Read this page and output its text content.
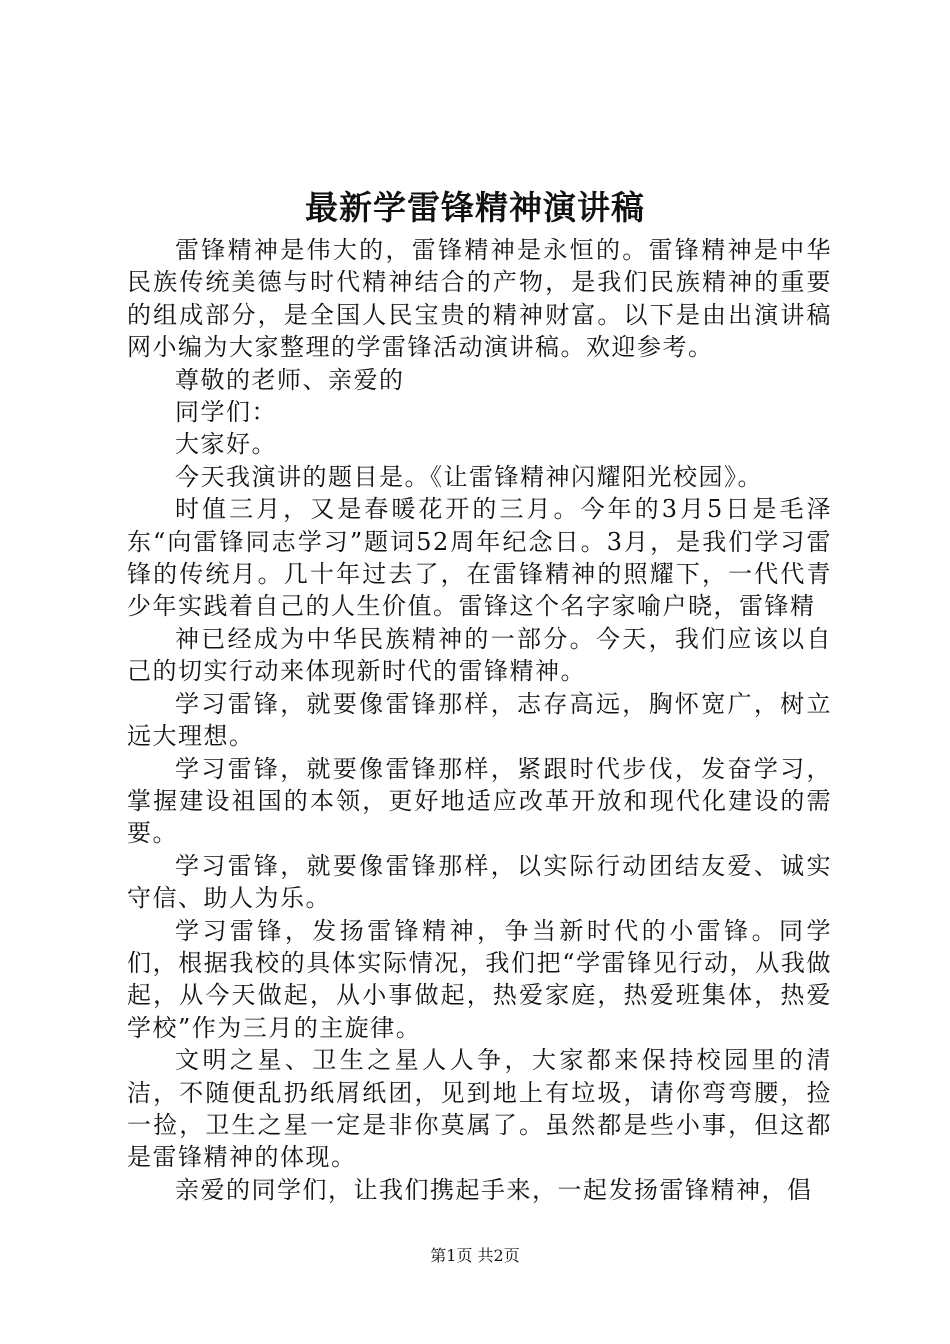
最新学雷锋精神演讲稿

雷锋精神是伟大的，雷锋精神是永恒的。雷锋精神是中华民族传统美德与时代精神结合的产物，是我们民族精神的重要的组成部分，是全国人民宝贵的精神财富。以下是由出演讲稿网小编为大家整理的学雷锋活动演讲稿。欢迎参考。

尊敬的老师、亲爱的

同学们：

大家好。

今天我演讲的题目是。《让雷锋精神闪耀阳光校园》。

时值三月，又是春暖花开的三月。今年的3月5日是毛泽东“向雷锋同志学习”题词52周年纪念日。3月，是我们学习雷锋的传统月。几十年过去了，在雷锋精神的照耀下，一代代青少年实践着自己的人生价值。雷锋这个名字家喻户晓，雷锋精

神已经成为中华民族精神的一部分。今天，我们应该以自己的切实行动来体现新时代的雷锋精神。

学习雷锋，就要像雷锋那样，志存高远，胸怀宽广，树立远大理想。

学习雷锋，就要像雷锋那样，紧跟时代步伐，发奋学习，掌握建设祖国的本领，更好地适应改革开放和现代化建设的需要。

学习雷锋，就要像雷锋那样，以实际行动团结友爱、诚实守信、助人为乐。

学习雷锋，发扬雷锋精神，争当新时代的小雷锋。同学们，根据我校的具体实际情况，我们把“学雷锋见行动，从我做起，从今天做起，从小事做起，热爱家庭，热爱班集体，热爱学校”作为三月的主旋律。

文明之星、卫生之星人人争，大家都来保持校园里的清洁，不随便乱扔纸屑纸团，见到地上有垃圾，请你弯弯腰，捡一捡，卫生之星一定是非你莫属了。虽然都是些小事，但这都是雷锋精神的体现。

亲爱的同学们，让我们携起手来，一起发扬雷锋精神，倡

第1页 共2页
